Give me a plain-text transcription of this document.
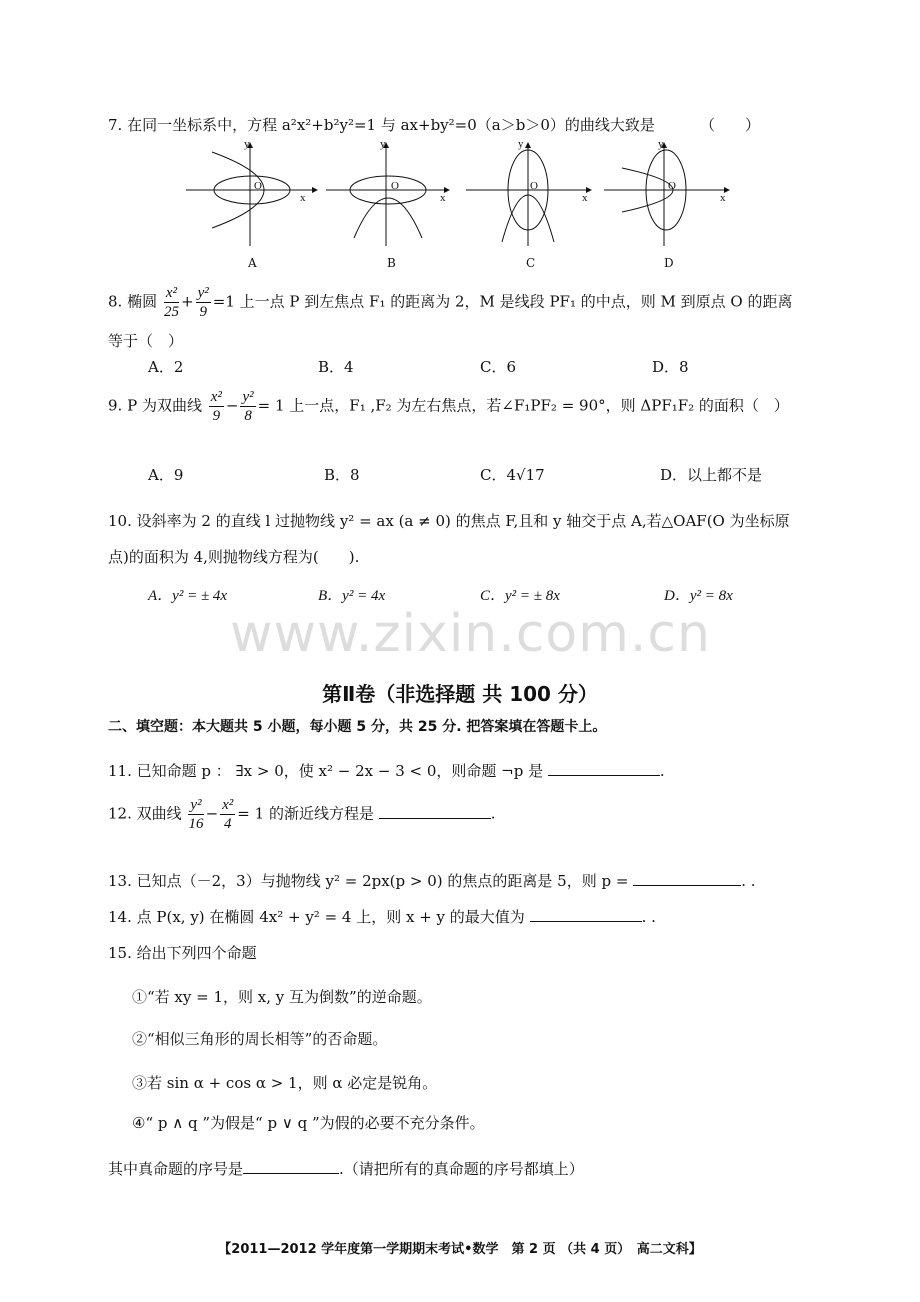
7. 在同一坐标系中，方程 a²x²+b²y²=1 与 ax+by²=0（a＞b＞0）的曲线大致是	（　　）
y
x
O
y
x
O
y
x
O
y
x
O
A	B	C	D
8. 椭圆 $\frac{\text{x²}}{25} + \frac{\text{y²}}{9} =1$ 上一点 P 到左焦点 F₁ 的距离为 2，M 是线段 PF₁ 的中点，则 M 到原点 O 的距离
等于（　）
A．2	B．4	C．6	D．8
9. P 为双曲线 $\frac{\text{x²}}{9} - \frac{\text{y²}}{8} = 1$ 上一点，F₁ ,F₂ 为左右焦点，若∠F₁PF₂ = 90°，则 ΔPF₁F₂ 的面积（　）
A．9	B．8	C．4√17	D．以上都不是
10. 设斜率为 2 的直线 l 过抛物线 y² = ax (a ≠ 0) 的焦点 F,且和 y 轴交于点 A,若△OAF(O 为坐标原
点)的面积为 4,则抛物线方程为(　　).
A．y² = ± 4x	B．y² = 4x	C．y² = ± 8x	D．y² = 8x
www.zixin.com.cn
第Ⅱ卷（非选择题 共 100 分）
二、填空题：本大题共 5 小题，每小题 5 分，共 25 分. 把答案填在答题卡上。
11. 已知命题 p ： ∃x > 0，使 x² − 2x − 3 < 0，则命题 ¬p 是	.
12. 双曲线 $\frac{\text{y²}}{16} - \frac{\text{x²}}{4} = 1$ 的渐近线方程是	.
13. 已知点（－2，3）与抛物线 y² = 2px(p > 0) 的焦点的距离是 5，则 p =	. .
14. 点 P(x, y) 在椭圆 4x² + y² = 4 上，则 x + y 的最大值为	. .
15. 给出下列四个命题
①“若 xy = 1，则 x, y 互为倒数”的逆命题。
②“相似三角形的周长相等”的否命题。
③若 sin α + cos α > 1，则 α 必定是锐角。
④“ p ∧ q ”为假是“ p ∨ q ”为假的必要不充分条件。
其中真命题的序号是	.（请把所有的真命题的序号都填上）
【2011—2012 学年度第一学期期末考试•数学　第 2 页 （共 4 页）　高二文科】
